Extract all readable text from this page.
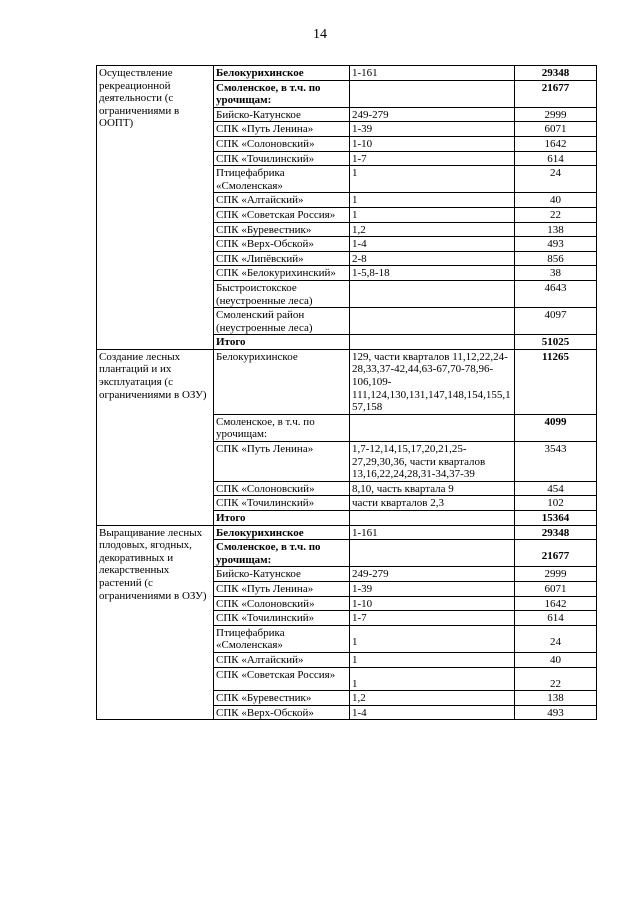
14
Осуществление рекреационной деятельности (с ограничениями в ООПТ)	Белокурихинское	1-161	29348
	Смоленское, в т.ч. по урочищам:		21677
	Бийско-Катунское	249-279	2999
	СПК «Путь Ленина»	1-39	6071
	СПК «Солоновский»	1-10	1642
	СПК «Точилинский»	1-7	614
	Птицефабрика «Смоленская»	1	24
	СПК «Алтайский»	1	40
	СПК «Советская Россия»	1	22
	СПК «Буревестник»	1,2	138
	СПК «Верх-Обской»	1-4	493
	СПК «Липёвский»	2-8	856
	СПК «Белокурихинский»	1-5,8-18	38
	Быстроистокское (неустроенные леса)		4643
	Смоленский район (неустроенные леса)		4097
	Итого		51025
Создание лесных плантаций и их эксплуатация (с ограничениями в ОЗУ)	Белокурихинское	129, части кварталов 11,12,22,24-28,33,37-42,44,63-67,70-78,96-106,109-111,124,130,131,147,148,154,155,157,158	11265
	Смоленское, в т.ч. по урочищам:		4099
	СПК «Путь Ленина»	1,7-12,14,15,17,20,21,25-27,29,30,36, части кварталов 13,16,22,24,28,31-34,37-39	3543
	СПК «Солоновский»	8,10, часть квартала 9	454
	СПК «Точилинский»	части кварталов 2,3	102
	Итого		15364
Выращивание лесных плодовых, ягодных, декоративных и лекарственных растений (с ограничениями в ОЗУ)	Белокурихинское	1-161	29348
	Смоленское, в т.ч. по урочищам:		21677
	Бийско-Катунское	249-279	2999
	СПК «Путь Ленина»	1-39	6071
	СПК «Солоновский»	1-10	1642
	СПК «Точилинский»	1-7	614
	Птицефабрика «Смоленская»	1	24
	СПК «Алтайский»	1	40
	СПК «Советская Россия»	1	22
	СПК «Буревестник»	1,2	138
	СПК «Верх-Обской»	1-4	493
